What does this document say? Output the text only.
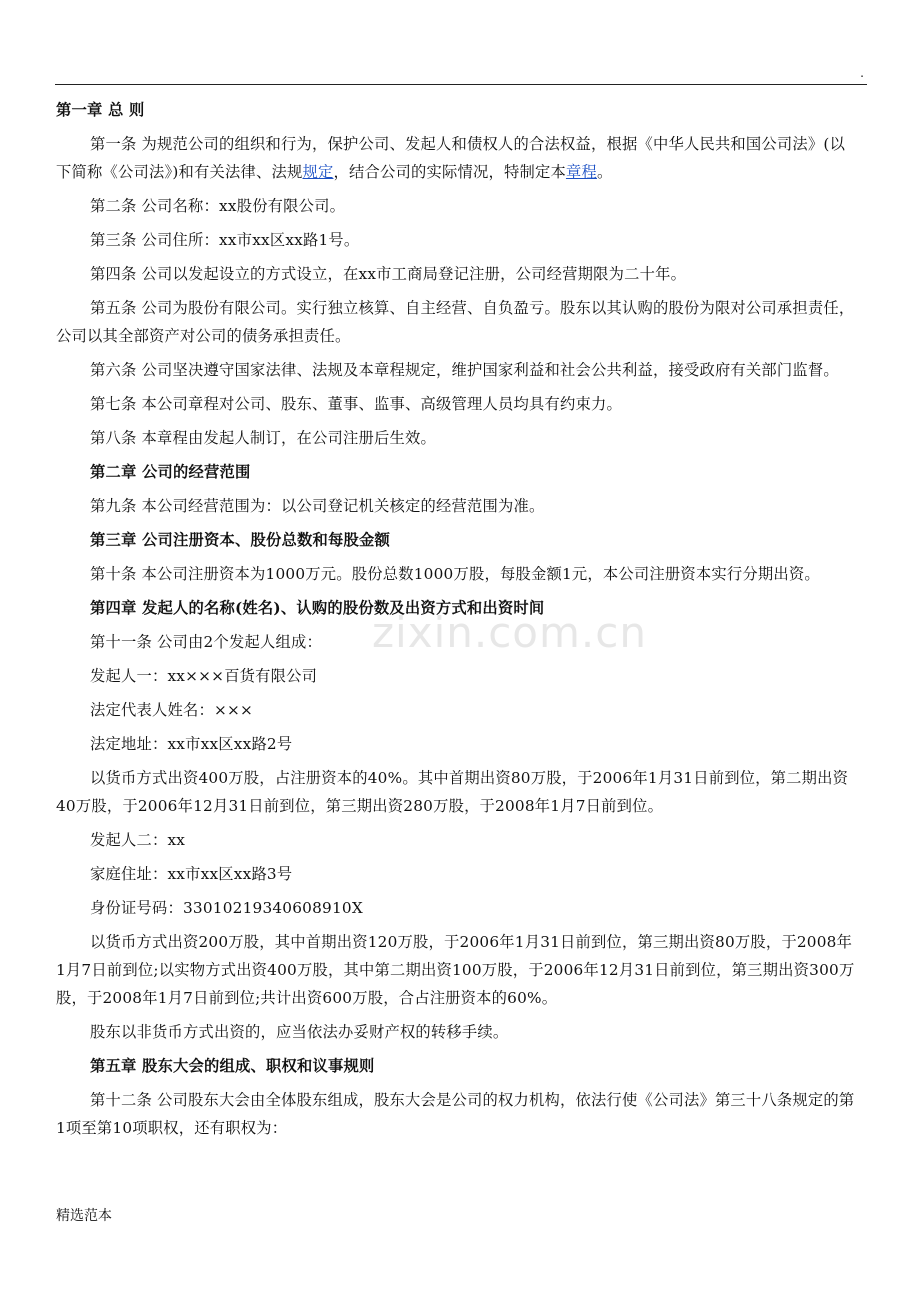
.
zixin.com.cn

第一章 总 则

第一条 为规范公司的组织和行为，保护公司、发起人和债权人的合法权益，根据《中华人民共和国公司法》(以下简称《公司法》)和有关法律、法规规定，结合公司的实际情况，特制定本章程。

第二条 公司名称：xx股份有限公司。

第三条 公司住所：xx市xx区xx路1号。

第四条 公司以发起设立的方式设立，在xx市工商局登记注册，公司经营期限为二十年。

第五条 公司为股份有限公司。实行独立核算、自主经营、自负盈亏。股东以其认购的股份为限对公司承担责任，公司以其全部资产对公司的债务承担责任。

第六条 公司坚决遵守国家法律、法规及本章程规定，维护国家利益和社会公共利益，接受政府有关部门监督。

第七条 本公司章程对公司、股东、董事、监事、高级管理人员均具有约束力。

第八条 本章程由发起人制订，在公司注册后生效。

第二章 公司的经营范围

第九条 本公司经营范围为：以公司登记机关核定的经营范围为准。

第三章 公司注册资本、股份总数和每股金额

第十条 本公司注册资本为1000万元。股份总数1000万股，每股金额1元，本公司注册资本实行分期出资。

第四章 发起人的名称(姓名)、认购的股份数及出资方式和出资时间

第十一条 公司由2个发起人组成：

发起人一：xx×××百货有限公司

法定代表人姓名：×××

法定地址：xx市xx区xx路2号

以货币方式出资400万股，占注册资本的40%。其中首期出资80万股，于2006年1月31日前到位，第二期出资40万股，于2006年12月31日前到位，第三期出资280万股，于2008年1月7日前到位。

发起人二：xx

家庭住址：xx市xx区xx路3号

身份证号码：33010219340608910X

以货币方式出资200万股，其中首期出资120万股，于2006年1月31日前到位，第三期出资80万股，于2008年1月7日前到位;以实物方式出资400万股，其中第二期出资100万股，于2006年12月31日前到位，第三期出资300万股，于2008年1月7日前到位;共计出资600万股，合占注册资本的60%。

股东以非货币方式出资的，应当依法办妥财产权的转移手续。

第五章 股东大会的组成、职权和议事规则

第十二条 公司股东大会由全体股东组成，股东大会是公司的权力机构，依法行使《公司法》第三十八条规定的第1项至第10项职权，还有职权为：

精选范本
